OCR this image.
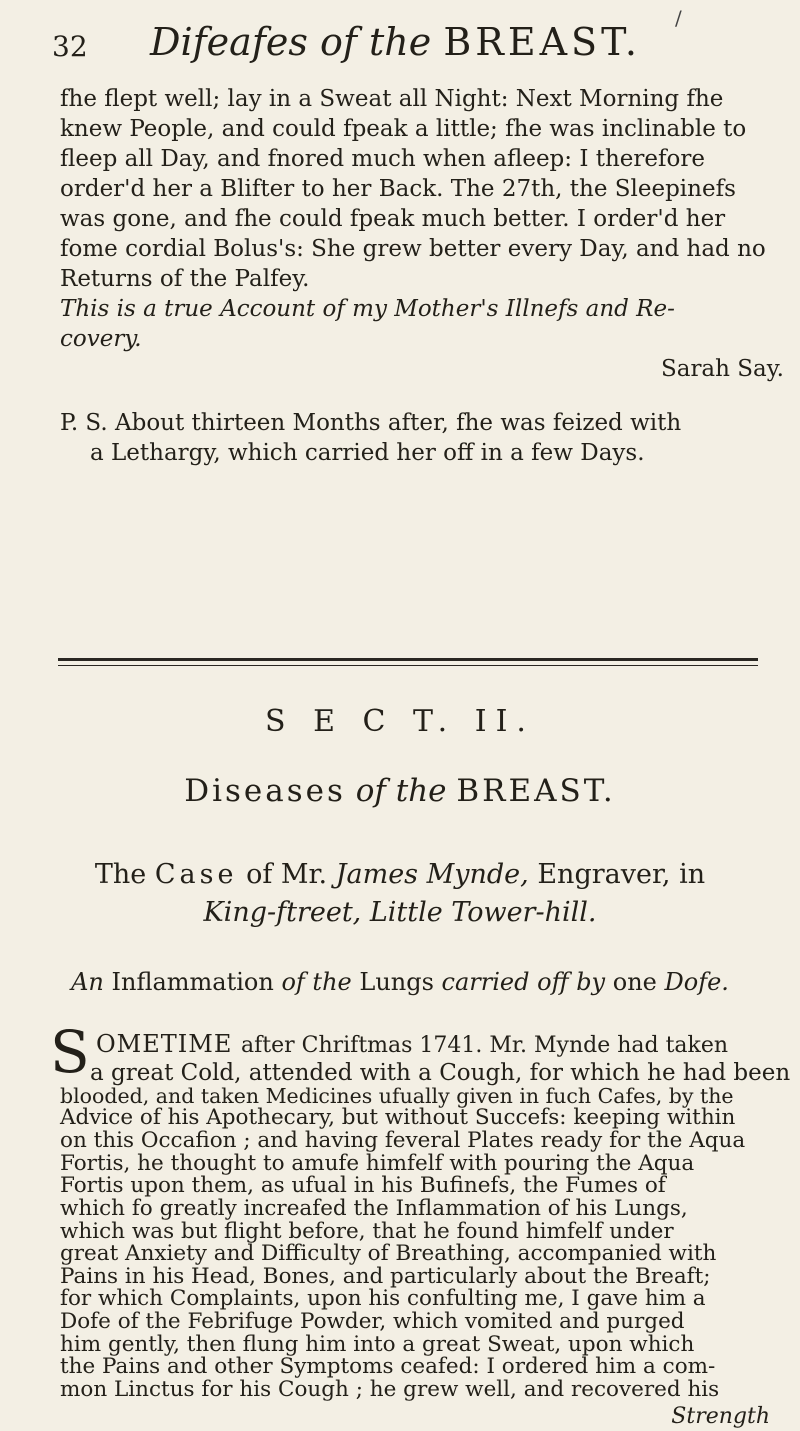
/
32 Difeafes of the BREAST.
fhe flept well; lay in a Sweat all Night: Next Morning fhe
knew People, and could fpeak a little; fhe was inclinable to
fleep all Day, and fnored much when afleep: I therefore
order'd her a Blifter to her Back. The 27th, the Sleepinefs
was gone, and fhe could fpeak much better. I order'd her
fome cordial Bolus's: She grew better every Day, and had no
Returns of the Palfey.
This is a true Account of my Mother's Illnefs and Re-
covery.
Sarah Say.
P. S. About thirteen Months after, fhe was feized with
a Lethargy, which carried her off in a few Days.
S E C T. II.
Diseases of the BREAST.
The Case of Mr. James Mynde, Engraver, in
King-ftreet, Little Tower-hill.
An Inflammation of the Lungs carried off by one Dofe.
S OMETIME after Chriftmas 1741. Mr. Mynde had taken
a great Cold, attended with a Cough, for which he had been
blooded, and taken Medicines ufually given in fuch Cafes, by the
Advice of his Apothecary, but without Succefs: keeping within
on this Occafion ; and having feveral Plates ready for the Aqua
Fortis, he thought to amufe himfelf with pouring the Aqua
Fortis upon them, as ufual in his Bufinefs, the Fumes of
which fo greatly increafed the Inflammation of his Lungs,
which was but flight before, that he found himfelf under
great Anxiety and Difficulty of Breathing, accompanied with
Pains in his Head, Bones, and particularly about the Breaft;
for which Complaints, upon his confulting me, I gave him a
Dofe of the Febrifuge Powder, which vomited and purged
him gently, then flung him into a great Sweat, upon which
the Pains and other Symptoms ceafed: I ordered him a com-
mon Linctus for his Cough ; he grew well, and recovered his
Strength
